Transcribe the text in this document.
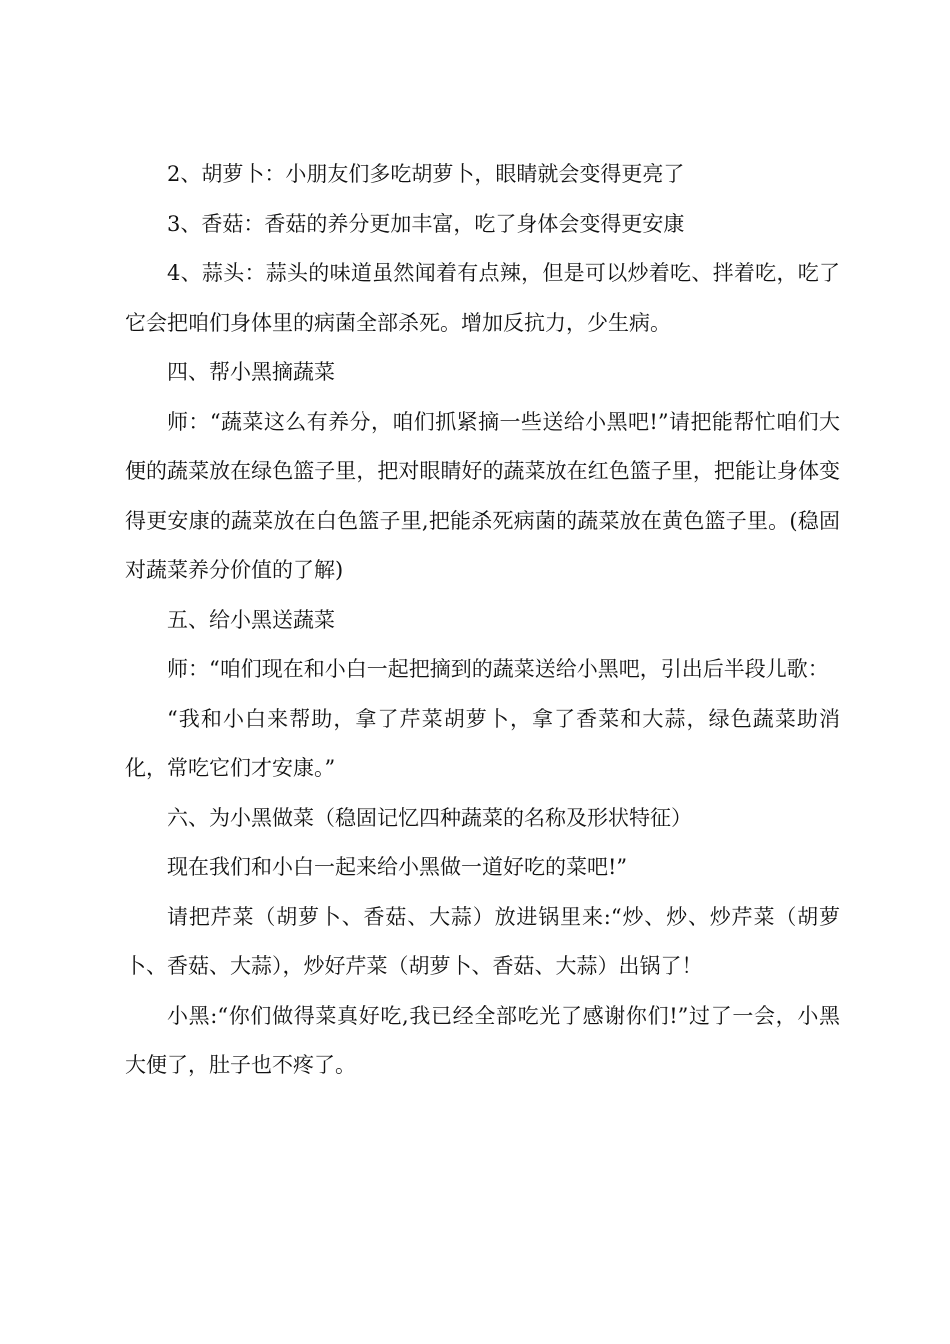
2、胡萝卜：小朋友们多吃胡萝卜，眼睛就会变得更亮了

3、香菇：香菇的养分更加丰富，吃了身体会变得更安康

4、蒜头：蒜头的味道虽然闻着有点辣，但是可以炒着吃、拌着吃，吃了它会把咱们身体里的病菌全部杀死。增加反抗力，少生病。

四、帮小黑摘蔬菜

师：“蔬菜这么有养分，咱们抓紧摘一些送给小黑吧!”请把能帮忙咱们大便的蔬菜放在绿色篮子里，把对眼睛好的蔬菜放在红色篮子里，把能让身体变得更安康的蔬菜放在白色篮子里,把能杀死病菌的蔬菜放在黄色篮子里。(稳固对蔬菜养分价值的了解)

五、给小黑送蔬菜

师：“咱们现在和小白一起把摘到的蔬菜送给小黑吧，引出后半段儿歌：

“我和小白来帮助，拿了芹菜胡萝卜，拿了香菜和大蒜，绿色蔬菜助消化，常吃它们才安康。”

六、为小黑做菜（稳固记忆四种蔬菜的名称及形状特征）

现在我们和小白一起来给小黑做一道好吃的菜吧!”

请把芹菜（胡萝卜、香菇、大蒜）放进锅里来:“炒、炒、炒芹菜（胡萝卜、香菇、大蒜），炒好芹菜（胡萝卜、香菇、大蒜）出锅了！

小黑:“你们做得菜真好吃,我已经全部吃光了感谢你们!”过了一会，小黑大便了，肚子也不疼了。
